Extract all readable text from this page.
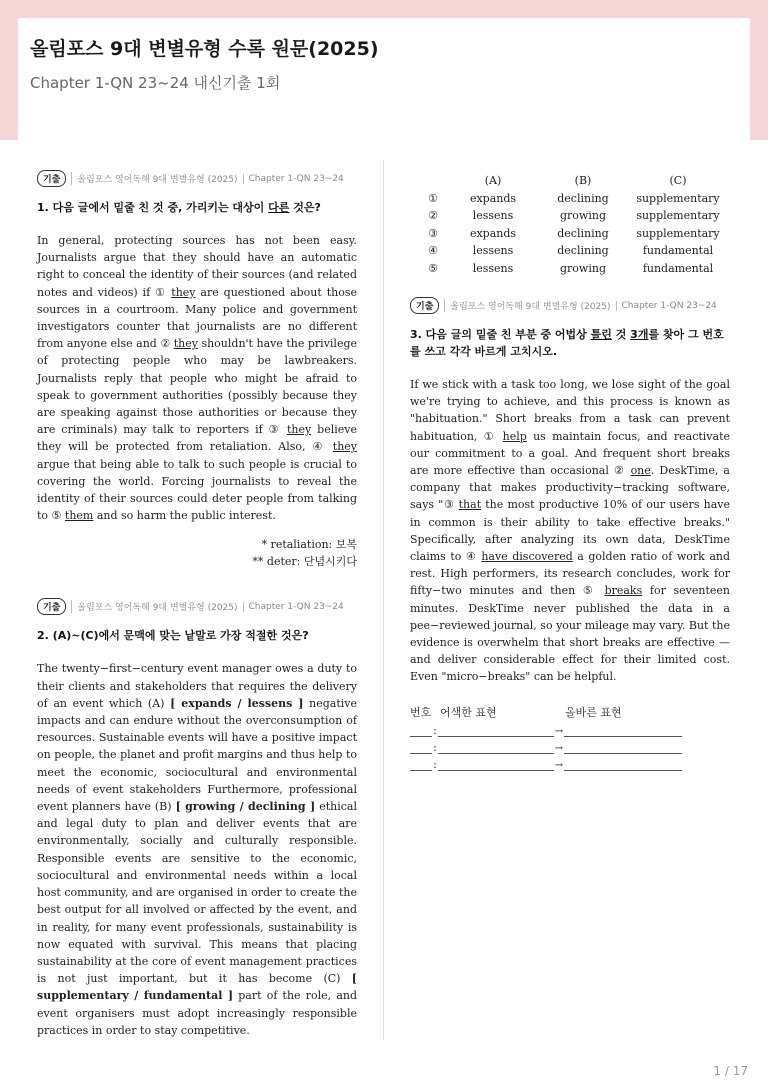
올림포스 9대 변별유형 수록 원문(2025)
Chapter 1-QN 23~24 내신기출 1회
기출	올림포스 영어독해 9대 변별유형 (2025)	Chapter 1-QN 23~24
1. 다음 글에서 밑줄 친 것 중, 가리키는 대상이 다른 것은?
In general, protecting sources has not been easy. Journalists argue that they should have an automatic right to conceal the identity of their sources (and related notes and videos) if ① they are questioned about those sources in a courtroom. Many police and government investigators counter that journalists are no different from anyone else and ② they shouldn't have the privilege of protecting people who may be lawbreakers. Journalists reply that people who might be afraid to speak to government authorities (possibly because they are speaking against those authorities or because they are criminals) may talk to reporters if ③ they believe they will be protected from retaliation. Also, ④ they argue that being able to talk to such people is crucial to covering the world. Forcing journalists to reveal the identity of their sources could deter people from talking to ⑤ them and so harm the public interest.
* retaliation: 보복
** deter: 단념시키다
기출	올림포스 영어독해 9대 변별유형 (2025)	Chapter 1-QN 23~24
2. (A)~(C)에서 문맥에 맞는 낱말로 가장 적절한 것은?
The twenty−first−century event manager owes a duty to their clients and stakeholders that requires the delivery of an event which (A) [ expands / lessens ] negative impacts and can endure without the overconsumption of resources. Sustainable events will have a positive impact on people, the planet and profit margins and thus help to meet the economic, sociocultural and environmental needs of event stakeholders Furthermore, professional event planners have (B) [ growing / declining ] ethical and legal duty to plan and deliver events that are environmentally, socially and culturally responsible. Responsible events are sensitive to the economic, sociocultural and environmental needs within a local host community, and are organised in order to create the best output for all involved or affected by the event, and in reality, for many event professionals, sustainability is now equated with survival. This means that placing sustainability at the core of event management practices is not just important, but it has become (C) [ supplementary / fundamental ] part of the role, and event organisers must adopt increasingly responsible practices in order to stay competitive.
	(A)	(B)	(C)
①	expands	declining	supplementary
②	lessens	growing	supplementary
③	expands	declining	supplementary
④	lessens	declining	fundamental
⑤	lessens	growing	fundamental
기출	올림포스 영어독해 9대 변별유형 (2025)	Chapter 1-QN 23~24
3. 다음 글의 밑줄 친 부분 중 어법상 틀린 것 3개를 찾아 그 번호를 쓰고 각각 바르게 고치시오.
If we stick with a task too long, we lose sight of the goal we're trying to achieve, and this process is known as "habituation." Short breaks from a task can prevent habituation, ① help us maintain focus, and reactivate our commitment to a goal. And frequent short breaks are more effective than occasional ② one. DeskTime, a company that makes productivity−tracking software, says "③ that the most productive 10% of our users have in common is their ability to take effective breaks." Specifically, after analyzing its own data, DeskTime claims to ④ have discovered a golden ratio of work and rest. High performers, its research concludes, work for fifty−two minutes and then ⑤ breaks for seventeen minutes. DeskTime never published the data in a pee−reviewed journal, so your mileage may vary. But the evidence is overwhelm that short breaks are effective — and deliver considerable effect for their limited cost. Even "micro−breaks" can be helpful.
번호 어색한 표현	올바른 표현
:	→
:	→
:	→
1 / 17
